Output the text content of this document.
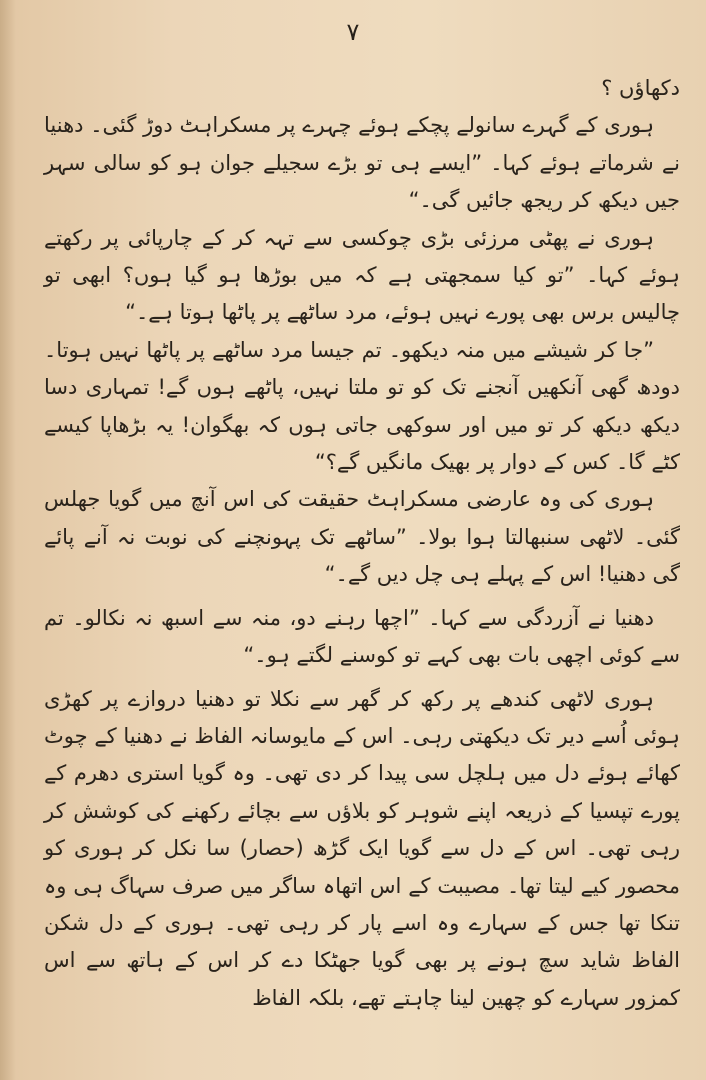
۷

دکھاؤں ؟

ہوری کے گہرے سانولے پچکے ہوئے چہرے پر مسکراہٹ دوڑ گئی۔ دھنیا نے شرماتے ہوئے کہا۔ ”ایسے ہی تو بڑے سجیلے جوان ہو کو سالی سہر جیں دیکھ کر ریجھ جائیں گی۔“

ہوری نے پھٹی مرزئی بڑی چوکسی سے تہہ کر کے چارپائی پر رکھتے ہوئے کہا۔ ”تو کیا سمجھتی ہے کہ میں بوڑھا ہو گیا ہوں؟ ابھی تو چالیس برس بھی پورے نہیں ہوئے، مرد ساٹھے پر پاٹھا ہوتا ہے۔“

”جا کر شیشے میں منہ دیکھو۔ تم جیسا مرد ساٹھے پر پاٹھا نہیں ہوتا۔ دودھ گھی آنکھیں آنجنے تک کو تو ملتا نہیں، پاٹھے ہوں گے! تمہاری دسا دیکھ دیکھ کر تو میں اور سوکھی جاتی ہوں کہ بھگوان! یہ بڑھاپا کیسے کٹے گا۔ کس کے دوار پر بھیک مانگیں گے؟“

ہوری کی وہ عارضی مسکراہٹ حقیقت کی اس آنچ میں گویا جھلس گئی۔ لاٹھی سنبھالتا ہوا بولا۔ ”ساٹھے تک پہونچنے کی نوبت نہ آنے پائے گی دھنیا! اس کے پہلے ہی چل دیں گے۔“

دھنیا نے آزردگی سے کہا۔ ”اچھا رہنے دو، منہ سے اسبھ نہ نکالو۔ تم سے کوئی اچھی بات بھی کہے تو کوسنے لگتے ہو۔“

ہوری لاٹھی کندھے پر رکھ کر گھر سے نکلا تو دھنیا دروازے پر کھڑی ہوئی اُسے دیر تک دیکھتی رہی۔ اس کے مایوسانہ الفاظ نے دھنیا کے چوٹ کھائے ہوئے دل میں ہلچل سی پیدا کر دی تھی۔ وہ گویا استری دھرم کے پورے تپسیا کے ذریعہ اپنے شوہر کو بلاؤں سے بچائے رکھنے کی کوشش کر رہی تھی۔ اس کے دل سے گویا ایک گڑھ (حصار) سا نکل کر ہوری کو محصور کیے لیتا تھا۔ مصیبت کے اس اتھاہ ساگر میں صرف سہاگ ہی وہ تنکا تھا جس کے سہارے وہ اسے پار کر رہی تھی۔ ہوری کے دل شکن الفاظ شاید سچ ہونے پر بھی گویا جھٹکا دے کر اس کے ہاتھ سے اس کمزور سہارے کو چھین لینا چاہتے تھے، بلکہ الفاظ
